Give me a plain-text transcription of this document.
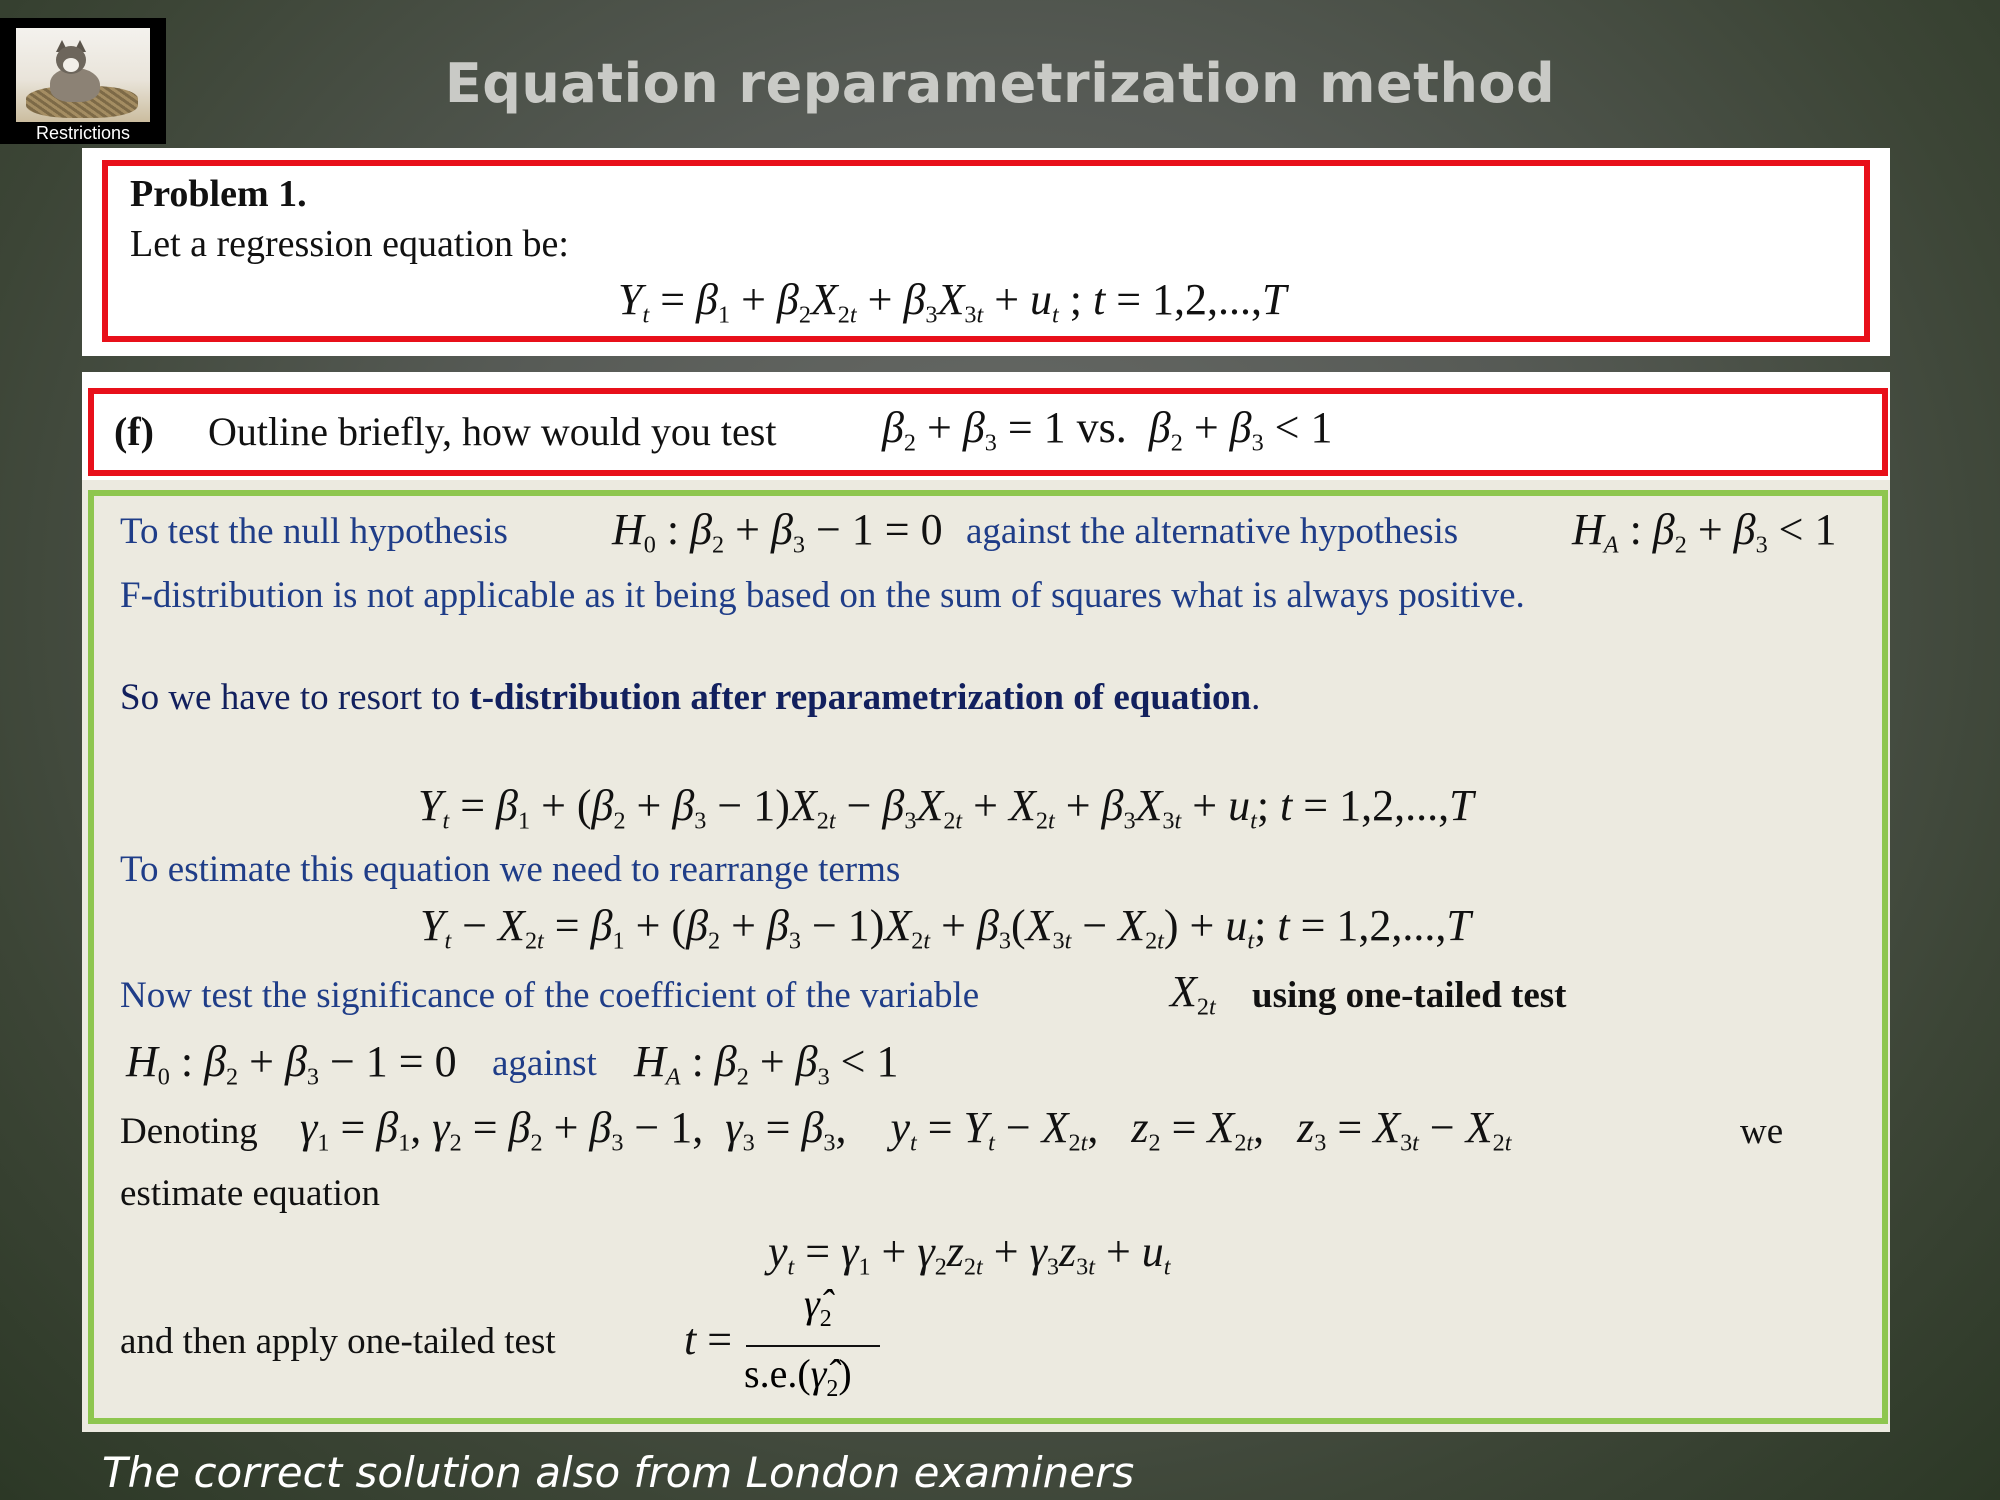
Restrictions
Equation reparametrization method
Problem 1.
Let a regression equation be:
$Y_t = \beta_1 + \beta_2X_{2t} + \beta_3X_{3t} + u_t$ ; t = 1,2,...,T
(f) Outline briefly, how would you test $\beta_2 + \beta_3 = 1$ vs.  $\beta_2 + \beta_3 < 1$
To test the null hypothesis $H_0$ : $\beta_2 + \beta_3 - 1 = 0$ against the alternative hypothesis	$H_A$ : $\beta_2 + \beta_3 < 1$
F-distribution is not applicable as it being based on the sum of squares what is always positive.
So we have to resort to t-distribution after reparametrization of equation.
$Y_t = \beta_1 + (\beta_2 + \beta_3 - 1)X_{2t} - \beta_3X_{2t} + X_{2t} + \beta_3X_{3t} + u_t$; t = 1,2,...,T
To estimate this equation we need to rearrange terms
$Y_t - X_{2t} = \beta_1 + (\beta_2 + \beta_3 - 1)X_{2t} + \beta_3(X_{3t} - X_{2t}) + u_t$; t = 1,2,...,T
Now test the significance of the coefficient of the variable	$X_{2t}$ using one-tailed test
$H_0$ : $\beta_2 + \beta_3 - 1 = 0$ against $H_A$ : $\beta_2 + \beta_3 < 1$
Denoting $\gamma_1 = \beta_1$, $\gamma_2 = \beta_2 + \beta_3 - 1$,  $\gamma_3 = \beta_3$,    $y_t = Y_t - X_{2t}$,   $z_2 = X_{2t}$,   $z_3 = X_{3t} - X_{2t}$	we
estimate equation
$y_t = \gamma_1 + \gamma_2z_{2t} + \gamma_3z_{3t} + u_t$
and then apply one-tailed test	t =
$\gammâ_2$
$s.e.(\gammâ_2)$
The correct solution also from London examiners
